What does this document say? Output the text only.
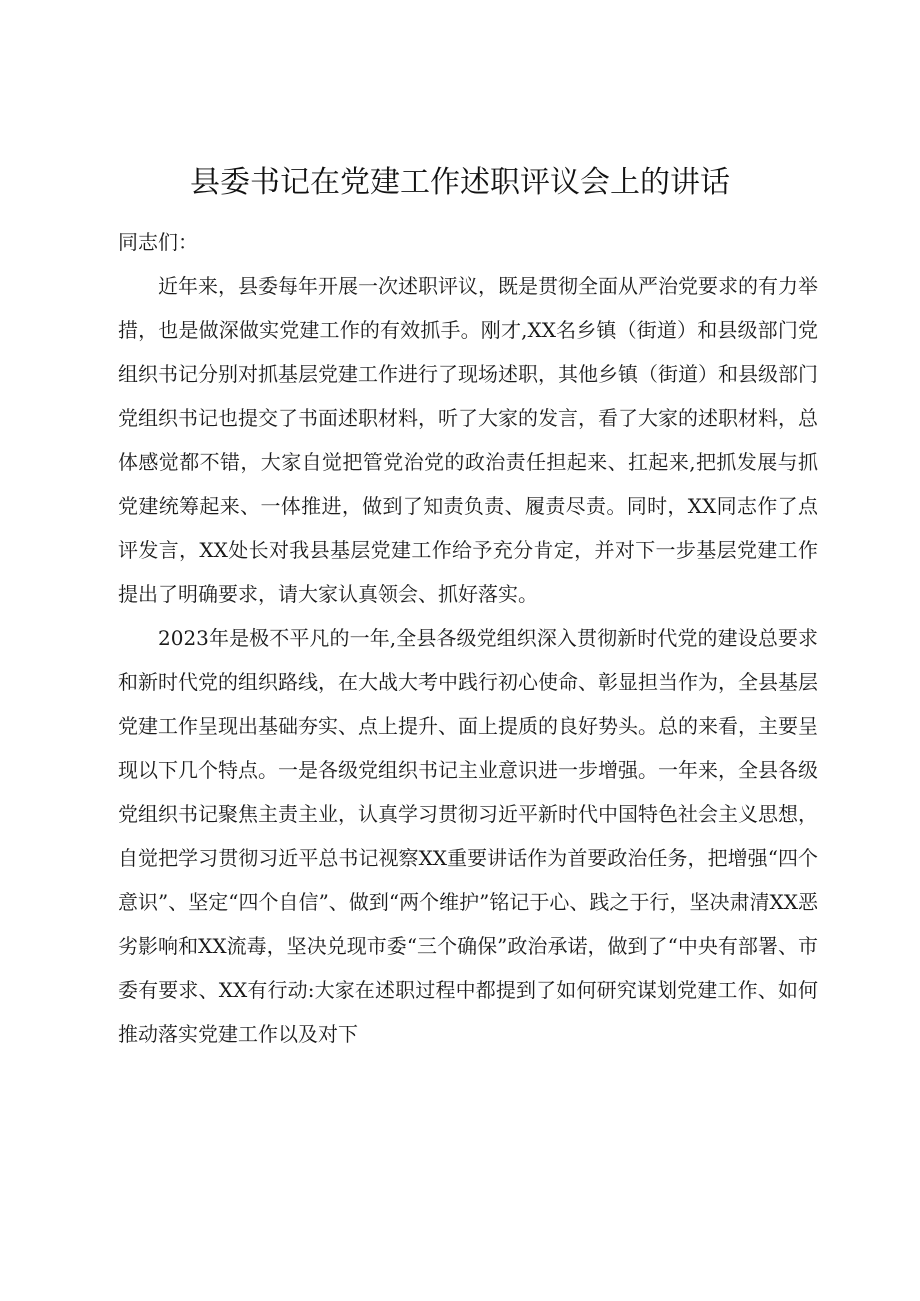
县委书记在党建工作述职评议会上的讲话

同志们：

近年来，县委每年开展一次述职评议，既是贯彻全面从严治党要求的有力举措，也是做深做实党建工作的有效抓手。刚才,XX名乡镇（街道）和县级部门党组织书记分别对抓基层党建工作进行了现场述职，其他乡镇（街道）和县级部门党组织书记也提交了书面述职材料，听了大家的发言，看了大家的述职材料，总体感觉都不错，大家自觉把管党治党的政治责任担起来、扛起来,把抓发展与抓党建统筹起来、一体推进，做到了知责负责、履责尽责。同时，XX同志作了点评发言，XX处长对我县基层党建工作给予充分肯定，并对下一步基层党建工作提出了明确要求，请大家认真领会、抓好落实。

2023年是极不平凡的一年,全县各级党组织深入贯彻新时代党的建设总要求和新时代党的组织路线，在大战大考中践行初心使命、彰显担当作为，全县基层党建工作呈现出基础夯实、点上提升、面上提质的良好势头。总的来看，主要呈现以下几个特点。一是各级党组织书记主业意识进一步增强。一年来，全县各级党组织书记聚焦主责主业，认真学习贯彻习近平新时代中国特色社会主义思想，自觉把学习贯彻习近平总书记视察XX重要讲话作为首要政治任务，把增强“四个意识”、坚定“四个自信”、做到“两个维护”铭记于心、践之于行，坚决肃清XX恶劣影响和XX流毒，坚决兑现市委“三个确保”政治承诺，做到了“中央有部署、市委有要求、XX有行动:大家在述职过程中都提到了如何研究谋划党建工作、如何推动落实党建工作以及对下
